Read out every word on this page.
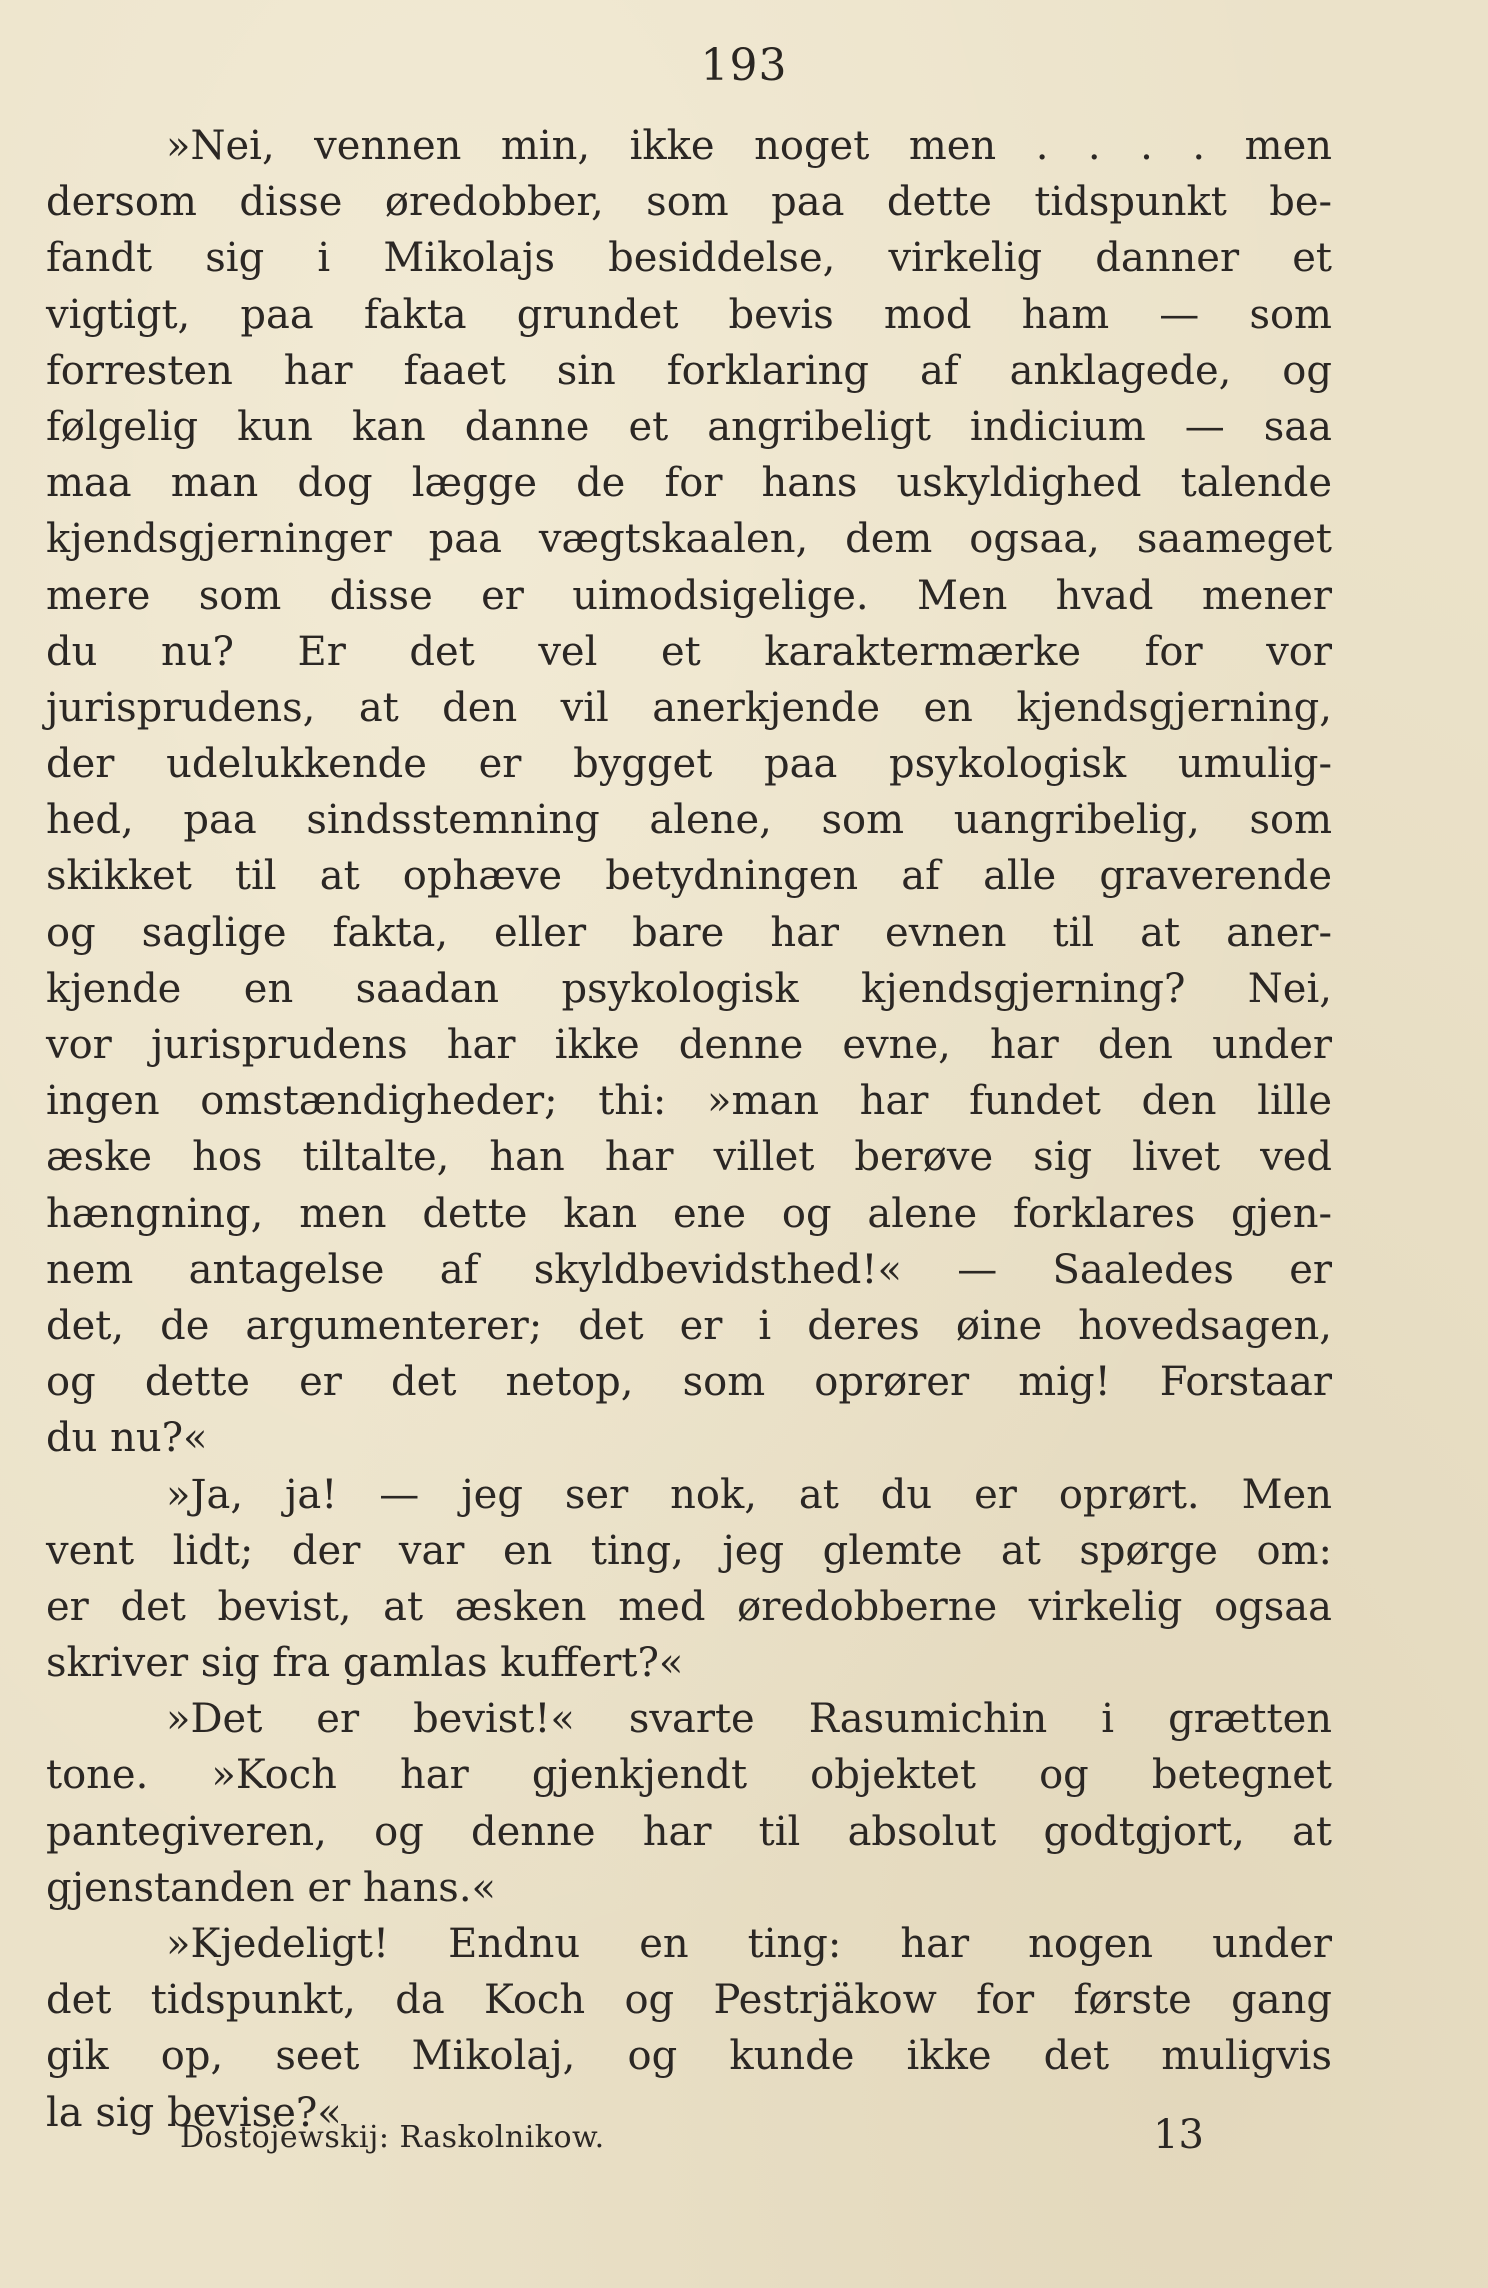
193
»Nei, vennen min, ikke noget men . . . . men
dersom disse øredobber, som paa dette tidspunkt be-
fandt sig i Mikolajs besiddelse, virkelig danner et
vigtigt, paa fakta grundet bevis mod ham — som
forresten har faaet sin forklaring af anklagede, og
følgelig kun kan danne et angribeligt indicium — saa
maa man dog lægge de for hans uskyldighed talende
kjendsgjerninger paa vægtskaalen, dem ogsaa, saameget
mere som disse er uimodsigelige. Men hvad mener
du nu? Er det vel et karaktermærke for vor
jurisprudens, at den vil anerkjende en kjendsgjerning,
der udelukkende er bygget paa psykologisk umulig-
hed, paa sindsstemning alene, som uangribelig, som
skikket til at ophæve betydningen af alle graverende
og saglige fakta, eller bare har evnen til at aner-
kjende en saadan psykologisk kjendsgjerning? Nei,
vor jurisprudens har ikke denne evne, har den under
ingen omstændigheder; thi: »man har fundet den lille
æske hos tiltalte, han har villet berøve sig livet ved
hængning, men dette kan ene og alene forklares gjen-
nem antagelse af skyldbevidsthed!« — Saaledes er
det, de argumenterer; det er i deres øine hovedsagen,
og dette er det netop, som oprører mig! Forstaar
du nu?«
»Ja, ja! — jeg ser nok, at du er oprørt. Men
vent lidt; der var en ting, jeg glemte at spørge om:
er det bevist, at æsken med øredobberne virkelig ogsaa
skriver sig fra gamlas kuffert?«
»Det er bevist!« svarte Rasumichin i grætten
tone. »Koch har gjenkjendt objektet og betegnet
pantegiveren, og denne har til absolut godtgjort, at
gjenstanden er hans.«
»Kjedeligt! Endnu en ting: har nogen under
det tidspunkt, da Koch og Pestrjäkow for første gang
gik op, seet Mikolaj, og kunde ikke det muligvis
la sig bevise?«
Dostojewskij: Raskolnikow.	13
